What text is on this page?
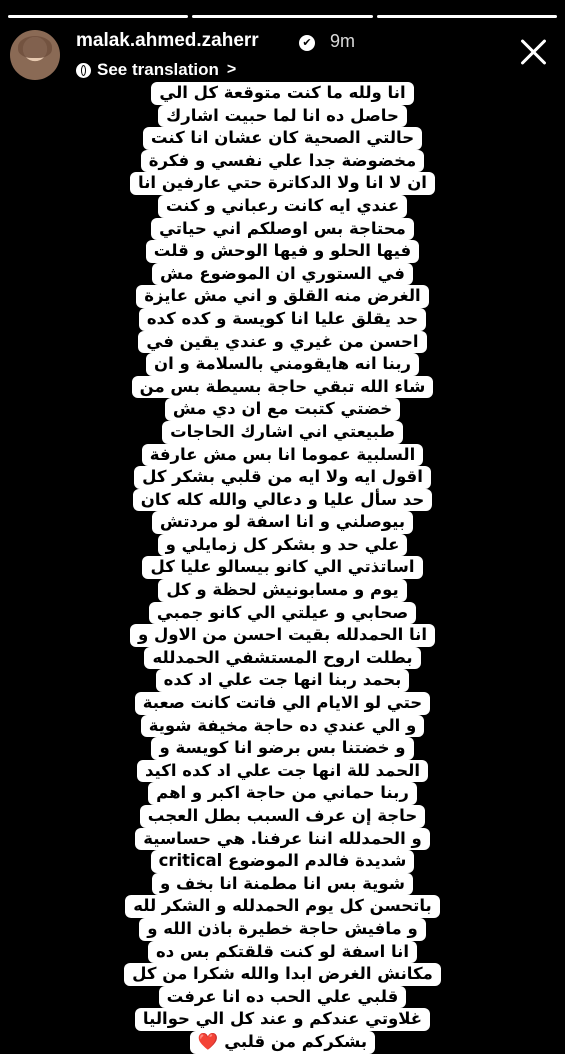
malak.ahmed.zaherr	✔ 9m
See translation >
انا ولله ما كنت متوقعة كل الي
حاصل ده انا لما حبيت اشارك
حالتي الصحية كان عشان انا كنت
مخضوضة جدا علي نفسي و فكرة
ان لا انا ولا الدكاترة حتي عارفين انا
عندي ايه كانت رعباني و كنت
محتاجة بس اوصلكم اني حياتي
فيها الحلو و فيها الوحش و قلت
في الستوري ان الموضوع مش
الغرض منه القلق و اني مش عايزة
حد يقلق عليا انا كويسة و كده كده
احسن من غيري و عندي يقين في
ربنا انه هايقومني بالسلامة و ان
شاء الله تبقي حاجة بسيطة بس من
خضتي كتبت مع ان دي مش
طبيعتي اني اشارك الحاجات
السلبية عموما انا بس مش عارفة
اقول ايه ولا ايه من قلبي بشكر كل
حد سأل عليا و دعالي والله كله كان
بيوصلني و انا اسفة لو مردتش
علي حد و بشكر كل زمايلي و
اساتذتي الي كانو بيسالو عليا كل
يوم و مسابونيش لحظة و كل
صحابي و عيلتي الي كانو جمبي
انا الحمدلله بقيت احسن من الاول و
بطلت اروح المستشفي الحمدلله
بحمد ربنا انها جت علي اد كده
حتي لو الايام الي فاتت كانت صعبة
و الي عندي ده حاجة مخيفة شوية
و خضتنا بس برضو انا كويسة و
الحمد للة انها جت علي اد كده اكيد
ربنا حماني من حاجة اكبر و اهم
حاجة إن عرف السبب بطل العجب
و الحمدلله اننا عرفنا. هي حساسية
شديدة فالدم الموضوع critical
شوية بس انا مطمنة انا بخف و
باتحسن كل يوم الحمدلله و الشكر لله
و مافيش حاجة خطيرة باذن الله و
انا اسفة لو كنت قلقتكم بس ده
مكانش الغرض ابدا والله شكرا من كل
قلبي علي الحب ده انا عرفت
غلاوتي عندكم و عند كل الي حواليا
بشكركم من قلبي ❤️
